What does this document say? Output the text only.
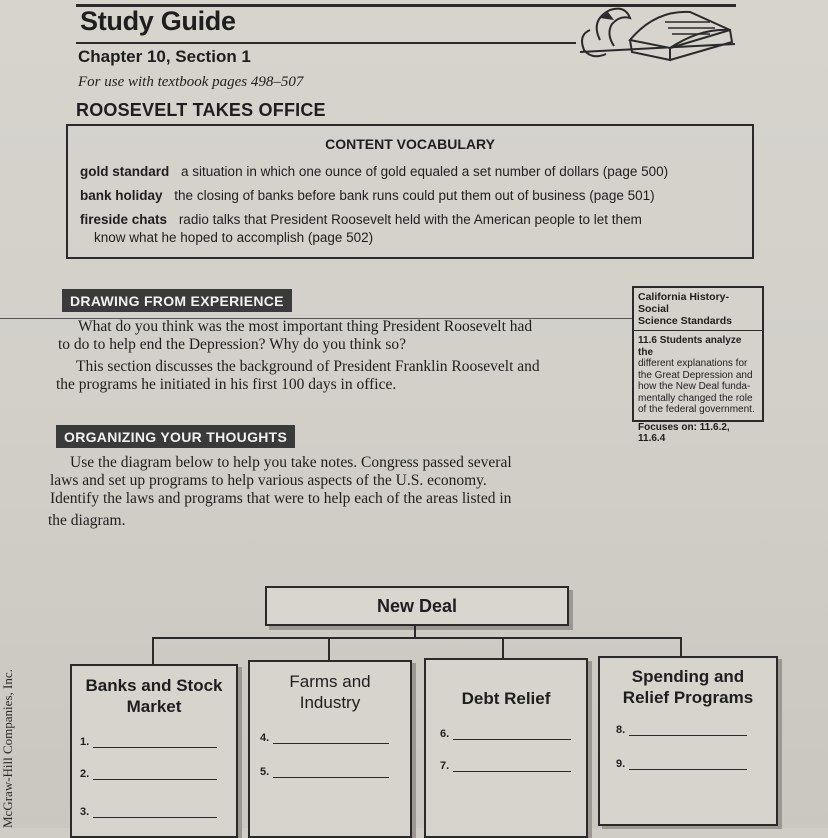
Study Guide
Chapter 10, Section 1
For use with textbook pages 498–507
ROOSEVELT TAKES OFFICE
CONTENT VOCABULARY
gold standard a situation in which one ounce of gold equaled a set number of dollars (page 500)
bank holiday the closing of banks before bank runs could put them out of business (page 501)
fireside chats radio talks that President Roosevelt held with the American people to let them
know what he hoped to accomplish (page 502)
DRAWING FROM EXPERIENCE
What do you think was the most important thing President Roosevelt had
to do to help end the Depression? Why do you think so?
This section discusses the background of President Franklin Roosevelt and
the programs he initiated in his first 100 days in office.
California History-Social
Science Standards
11.6 Students analyze the
different explanations for
the Great Depression and
how the New Deal funda-
mentally changed the role
of the federal government.
Focuses on: 11.6.2, 11.6.4
ORGANIZING YOUR THOUGHTS
Use the diagram below to help you take notes. Congress passed several
laws and set up programs to help various aspects of the U.S. economy.
Identify the laws and programs that were to help each of the areas listed in
the diagram.
New Deal
Banks and Stock
Market
1.
2.
3.
Farms and
Industry
4.
5.
Debt Relief
6.
7.
Spending and
Relief Programs
8.
9.
McGraw-Hill Companies, Inc.
